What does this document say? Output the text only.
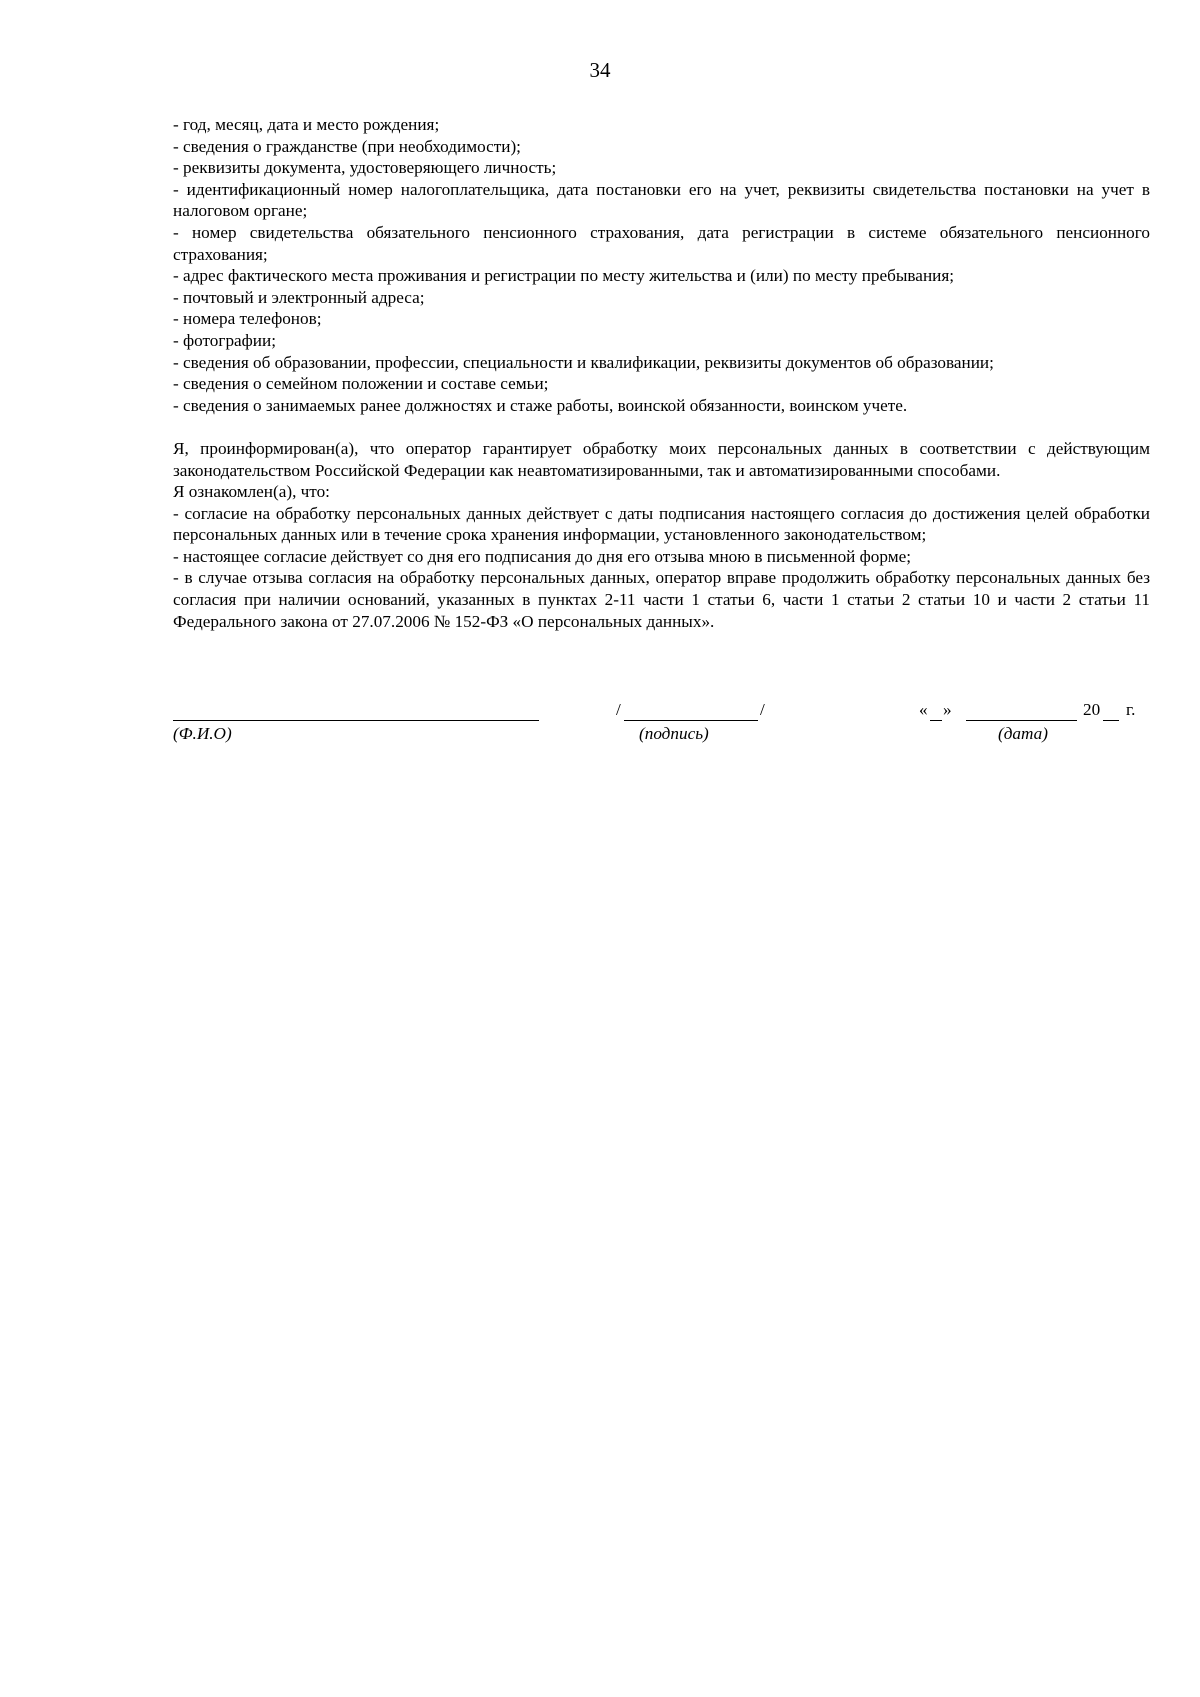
34

- год, месяц, дата и место рождения;

- сведения о гражданстве (при необходимости);

- реквизиты документа, удостоверяющего личность;

- идентификационный номер налогоплательщика, дата постановки его на учет, реквизиты свидетельства постановки на учет в налоговом органе;

- номер свидетельства обязательного пенсионного страхования, дата регистрации в системе обязательного пенсионного страхования;

- адрес фактического места проживания и регистрации по месту жительства и (или) по месту пребывания;

- почтовый и электронный адреса;

- номера телефонов;

- фотографии;

- сведения об образовании, профессии, специальности и квалификации, реквизиты документов об образовании;

- сведения о семейном положении и составе семьи;

- сведения о занимаемых ранее должностях и стаже работы, воинской обязанности, воинском учете.

Я, проинформирован(а), что оператор гарантирует обработку моих персональных данных в соответствии с действующим законодательством Российской Федерации как неавтоматизированными, так и автоматизированными способами.

Я ознакомлен(а), что:

- согласие на обработку персональных данных действует с даты подписания настоящего согласия до достижения целей обработки персональных данных или в течение срока хранения информации, установленного законодательством;

- настоящее согласие действует со дня его подписания до дня его отзыва мною в письменной форме;

- в случае отзыва согласия на обработку персональных данных, оператор вправе продолжить обработку персональных данных без согласия при наличии оснований, указанных в пунктах 2-11 части 1 статьи 6, части 1 статьи 2 статьи 10 и части 2 статьи 11 Федерального закона от 27.07.2006 № 152-ФЗ «О персональных данных».

(Ф.И.О)
/	/
(подпись)
« »	20 г.
(дата)
